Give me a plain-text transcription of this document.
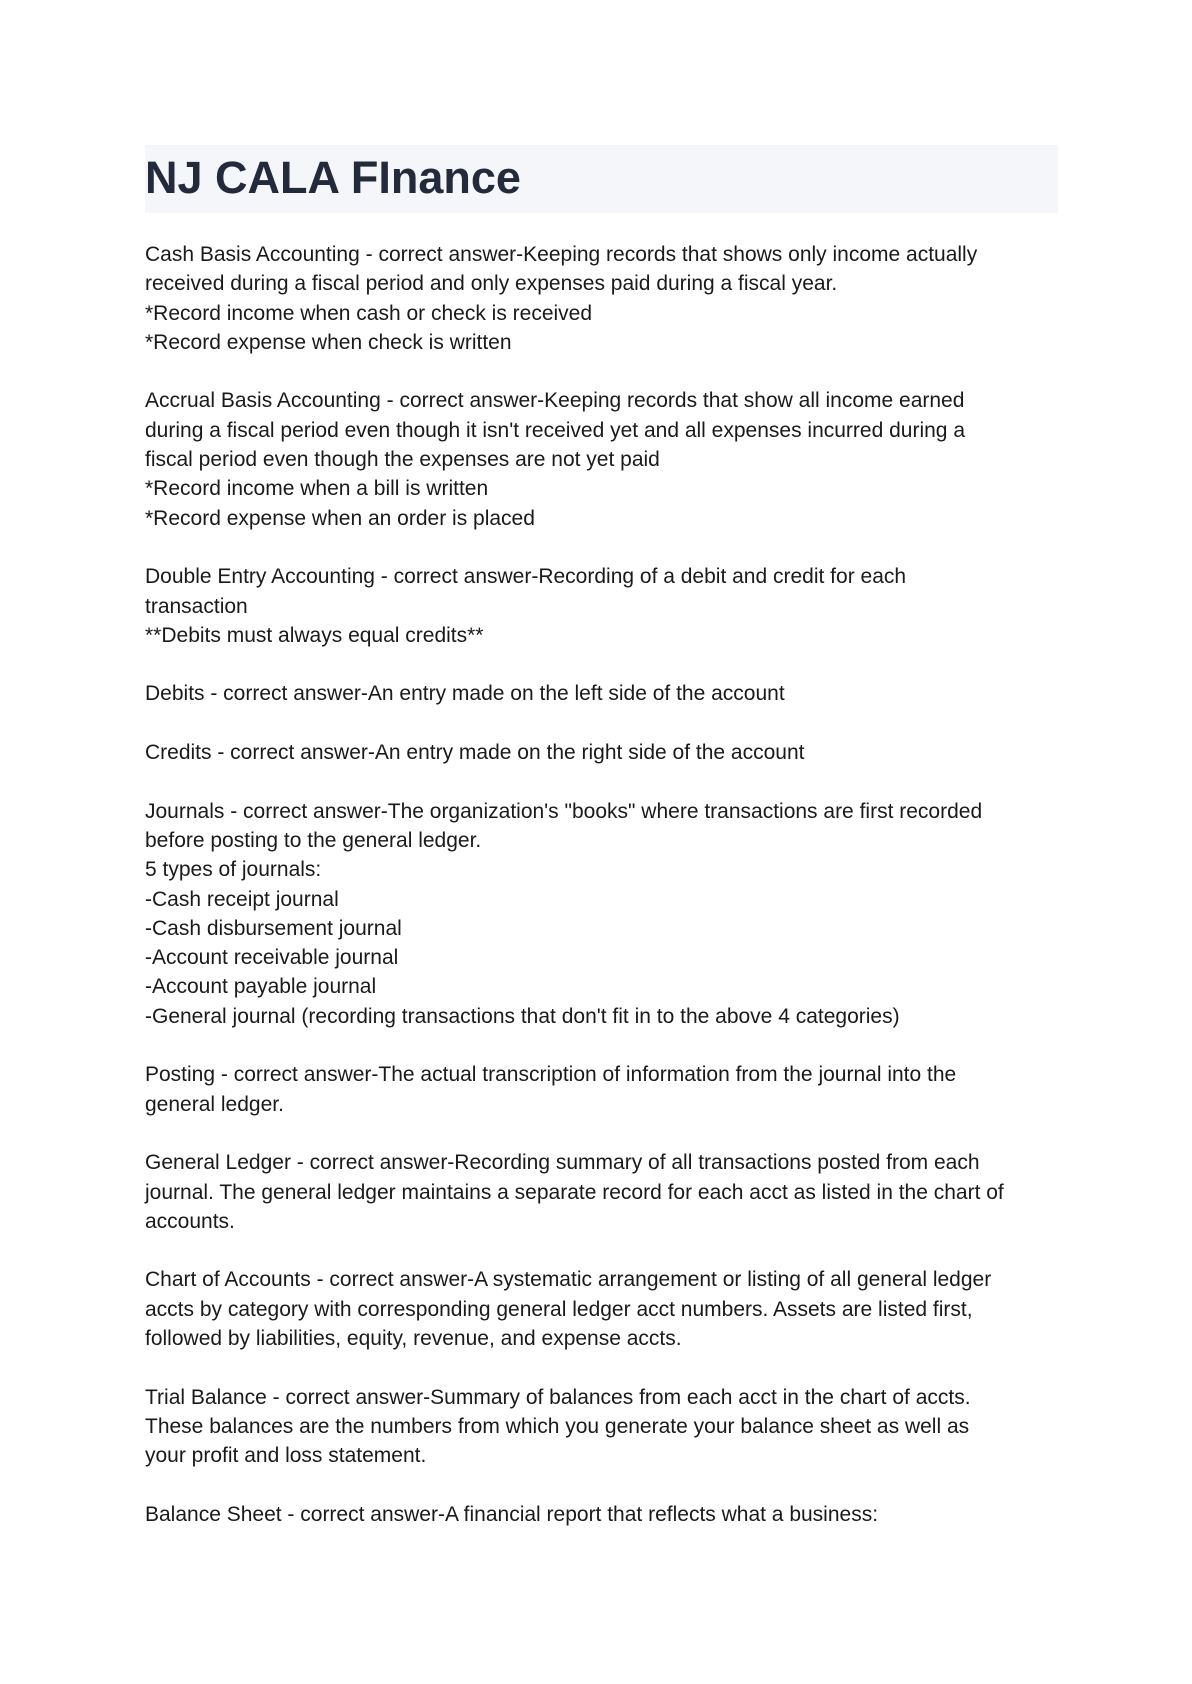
NJ CALA FInance

Cash Basis Accounting - correct answer-Keeping records that shows only income actually
received during a fiscal period and only expenses paid during a fiscal year.
*Record income when cash or check is received
*Record expense when check is written

Accrual Basis Accounting - correct answer-Keeping records that show all income earned
during a fiscal period even though it isn't received yet and all expenses incurred during a
fiscal period even though the expenses are not yet paid
*Record income when a bill is written
*Record expense when an order is placed

Double Entry Accounting - correct answer-Recording of a debit and credit for each
transaction
**Debits must always equal credits**

Debits - correct answer-An entry made on the left side of the account

Credits - correct answer-An entry made on the right side of the account

Journals - correct answer-The organization's "books" where transactions are first recorded
before posting to the general ledger.
5 types of journals:
-Cash receipt journal
-Cash disbursement journal
-Account receivable journal
-Account payable journal
-General journal (recording transactions that don't fit in to the above 4 categories)

Posting - correct answer-The actual transcription of information from the journal into the
general ledger.

General Ledger - correct answer-Recording summary of all transactions posted from each
journal. The general ledger maintains a separate record for each acct as listed in the chart of
accounts.

Chart of Accounts - correct answer-A systematic arrangement or listing of all general ledger
accts by category with corresponding general ledger acct numbers. Assets are listed first,
followed by liabilities, equity, revenue, and expense accts.

Trial Balance - correct answer-Summary of balances from each acct in the chart of accts.
These balances are the numbers from which you generate your balance sheet as well as
your profit and loss statement.

Balance Sheet - correct answer-A financial report that reflects what a business:
